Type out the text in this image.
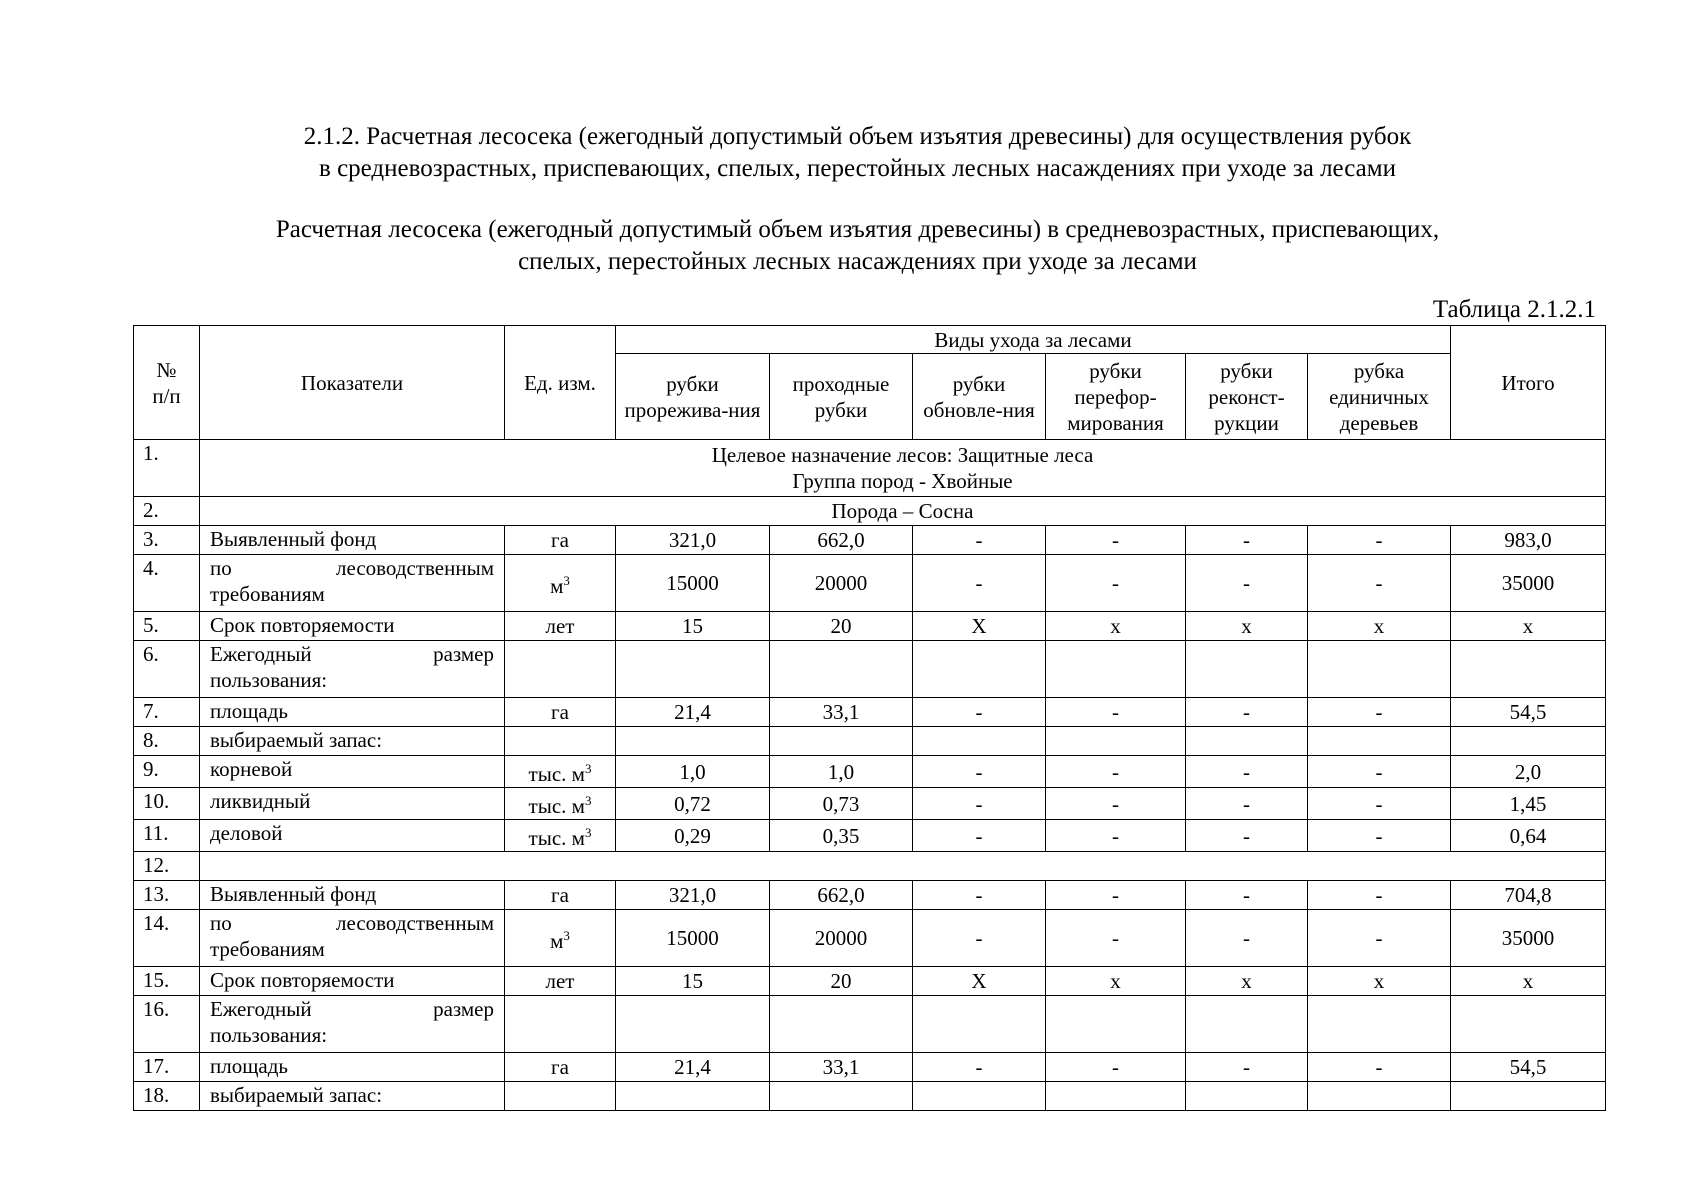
2.1.2. Расчетная лесосека (ежегодный допустимый объем изъятия древесины) для осуществления рубок
в средневозрастных, приспевающих, спелых, перестойных лесных насаждениях при уходе за лесами
Расчетная лесосека (ежегодный допустимый объем изъятия древесины) в средневозрастных, приспевающих,
спелых, перестойных лесных насаждениях при уходе за лесами
Таблица 2.1.2.1
№ п/п	Показатели	Ед. изм.	Виды ухода за лесами						Итого
			рубки прорежива-ния	проходные рубки	рубки обновле-ния	рубки перефор-мирования	рубки реконст-рукции	рубка единичных деревьев	
1.	Целевое назначение лесов: Защитные леса
Группа пород - Хвойные								

2.	Порода – Сосна								

3.	Выявленный фонд	га	321,0	662,0	-	-	-	-	983,0
4.	по лесоводственным
требованиям	$м^3$	15000	20000	-	-	-	-	35000
5.	Срок повторяемости	лет	15	20	Х	х	х	х	х
6.	Ежегодный размер
пользования:								

7.	площадь	га	21,4	33,1	-	-	-	-	54,5
8.	выбираемый запас:								
9.	корневой	тыс. $м^3$	1,0	1,0	-	-	-	-	2,0
10.	ликвидный	тыс. $м^3$	0,72	0,73	-	-	-	-	1,45
11.	деловой	тыс. $м^3$	0,29	0,35	-	-	-	-	0,64
12.									

13.	Выявленный фонд	га	321,0	662,0	-	-	-	-	704,8
14.	по лесоводственным
требованиям	$м^3$	15000	20000	-	-	-	-	35000
15.	Срок повторяемости	лет	15	20	Х	х	х	х	х
16.	Ежегодный размер
пользования:								

17.	площадь	га	21,4	33,1	-	-	-	-	54,5
18.	выбираемый запас:								
